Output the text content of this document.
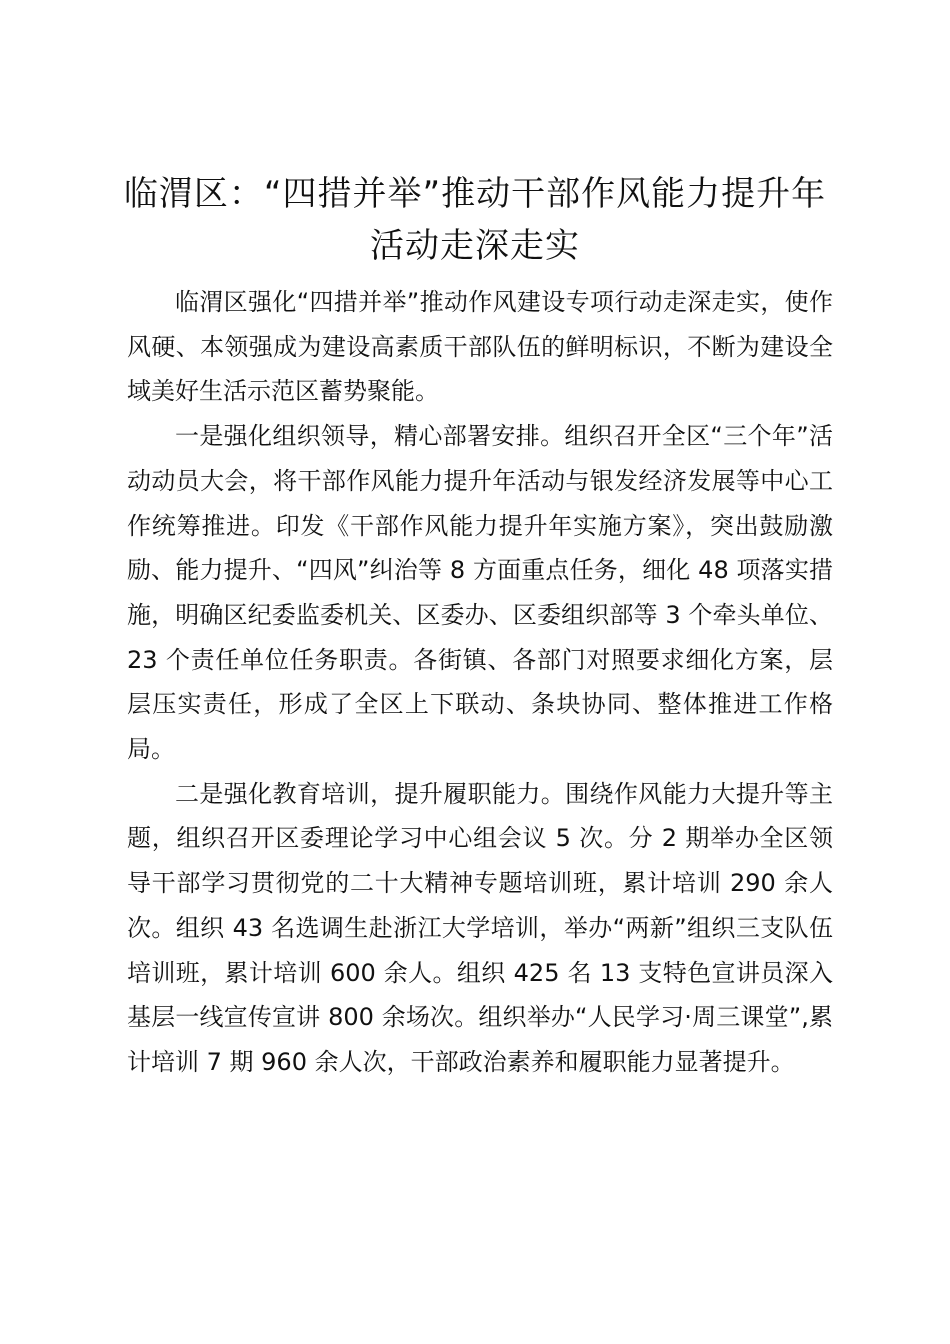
临渭区：“四措并举”推动干部作风能力提升年活动走深走实

临渭区强化“四措并举”推动作风建设专项行动走深走实，使作风硬、本领强成为建设高素质干部队伍的鲜明标识，不断为建设全域美好生活示范区蓄势聚能。

一是强化组织领导，精心部署安排。组织召开全区“三个年”活动动员大会，将干部作风能力提升年活动与银发经济发展等中心工作统筹推进。印发《干部作风能力提升年实施方案》，突出鼓励激励、能力提升、“四风”纠治等 8 方面重点任务，细化 48 项落实措施，明确区纪委监委机关、区委办、区委组织部等 3 个牵头单位、23 个责任单位任务职责。各街镇、各部门对照要求细化方案，层层压实责任，形成了全区上下联动、条块协同、整体推进工作格局。

二是强化教育培训，提升履职能力。围绕作风能力大提升等主题，组织召开区委理论学习中心组会议 5 次。分 2 期举办全区领导干部学习贯彻党的二十大精神专题培训班，累计培训 290 余人次。组织 43 名选调生赴浙江大学培训，举办“两新”组织三支队伍培训班，累计培训 600 余人。组织 425 名 13 支特色宣讲员深入基层一线宣传宣讲 800 余场次。组织举办“人民学习·周三课堂”,累计培训 7 期 960 余人次，干部政治素养和履职能力显著提升。
